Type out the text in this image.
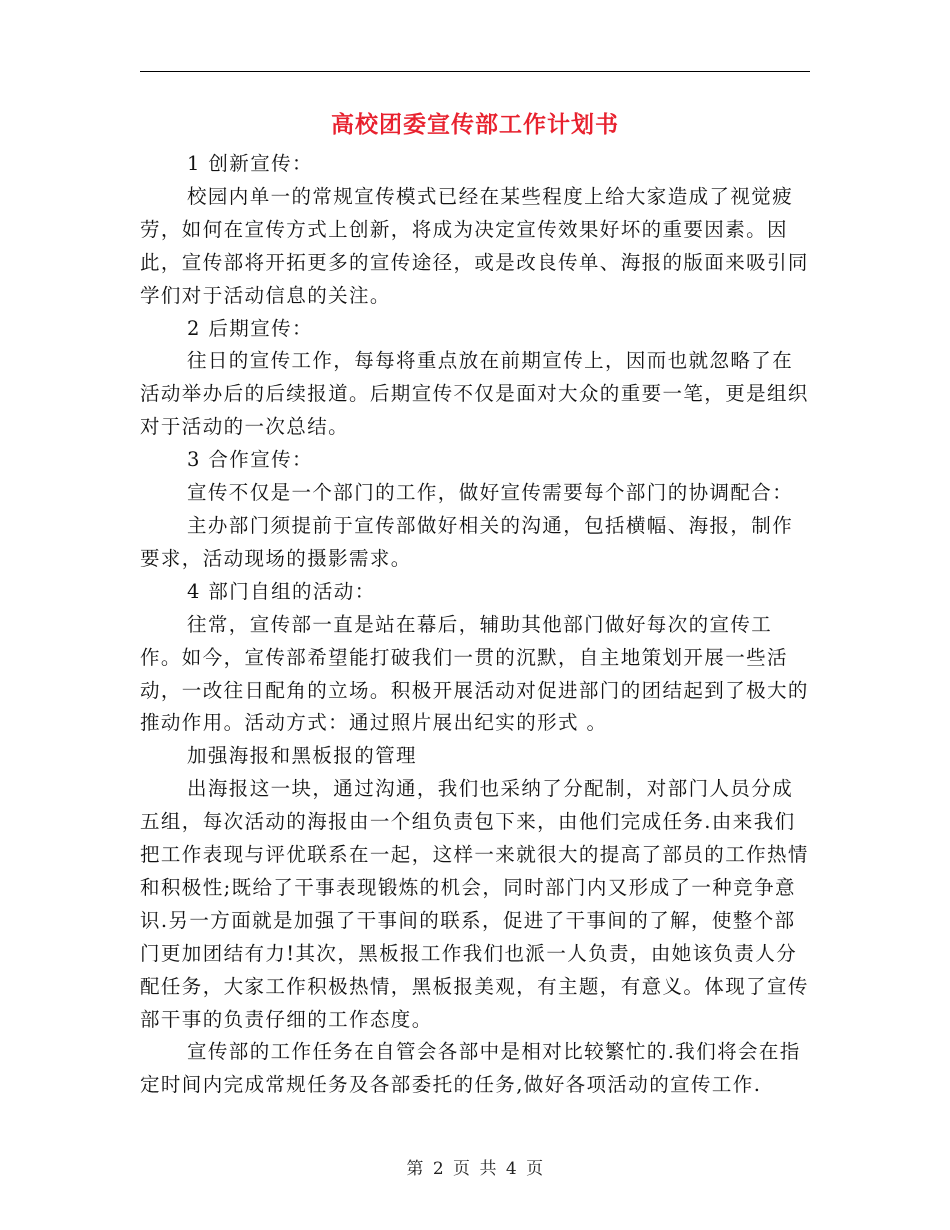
高校团委宣传部工作计划书

1 创新宣传：

校园内单一的常规宣传模式已经在某些程度上给大家造成了视觉疲劳，如何在宣传方式上创新，将成为决定宣传效果好坏的重要因素。因此，宣传部将开拓更多的宣传途径，或是改良传单、海报的版面来吸引同学们对于活动信息的关注。

2 后期宣传：

往日的宣传工作，每每将重点放在前期宣传上，因而也就忽略了在活动举办后的后续报道。后期宣传不仅是面对大众的重要一笔，更是组织对于活动的一次总结。

3 合作宣传：

宣传不仅是一个部门的工作，做好宣传需要每个部门的协调配合：

主办部门须提前于宣传部做好相关的沟通，包括横幅、海报，制作要求，活动现场的摄影需求。

4 部门自组的活动：

往常，宣传部一直是站在幕后，辅助其他部门做好每次的宣传工作。如今，宣传部希望能打破我们一贯的沉默，自主地策划开展一些活动，一改往日配角的立场。积极开展活动对促进部门的团结起到了极大的推动作用。活动方式：通过照片展出纪实的形式 。

加强海报和黑板报的管理

出海报这一块，通过沟通，我们也采纳了分配制，对部门人员分成五组，每次活动的海报由一个组负责包下来，由他们完成任务.由来我们把工作表现与评优联系在一起，这样一来就很大的提高了部员的工作热情和积极性;既给了干事表现锻炼的机会，同时部门内又形成了一种竞争意识.另一方面就是加强了干事间的联系，促进了干事间的了解，使整个部门更加团结有力!其次，黑板报工作我们也派一人负责，由她该负责人分配任务，大家工作积极热情，黑板报美观，有主题，有意义。体现了宣传部干事的负责仔细的工作态度。

宣传部的工作任务在自管会各部中是相对比较繁忙的.我们将会在指定时间内完成常规任务及各部委托的任务,做好各项活动的宣传工作.

第 2 页 共 4 页
